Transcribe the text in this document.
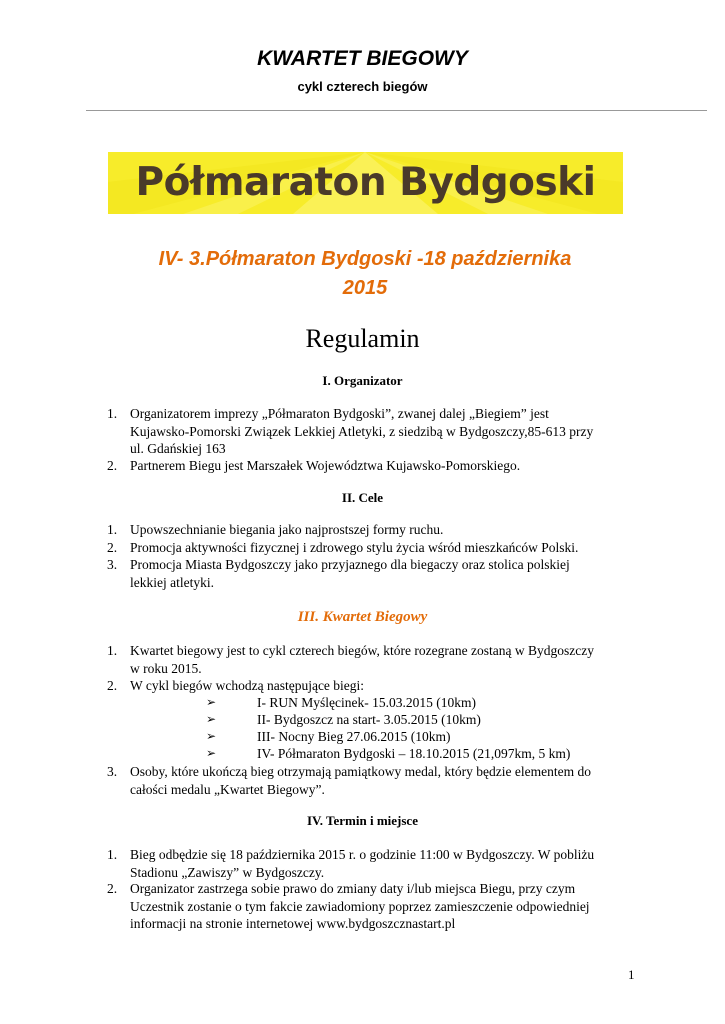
KWARTET BIEGOWY
cykl czterech biegów
Półmaraton Bydgoski
IV- 3.Półmaraton Bydgoski -18 października
2015
Regulamin
I. Organizator
1. Organizatorem imprezy „Półmaraton Bydgoski”, zwanej dalej „Biegiem” jest
Kujawsko-Pomorski Związek Lekkiej Atletyki, z siedzibą w Bydgoszczy,85-613 przy
ul. Gdańskiej 163
2. Partnerem Biegu jest Marszałek Województwa Kujawsko-Pomorskiego.
II. Cele
1. Upowszechnianie biegania jako najprostszej formy ruchu.
2. Promocja aktywności fizycznej i zdrowego stylu życia wśród mieszkańców Polski.
3. Promocja Miasta Bydgoszczy jako przyjaznego dla biegaczy oraz stolica polskiej
lekkiej atletyki.
III. Kwartet Biegowy
1. Kwartet biegowy jest to cykl czterech biegów, które rozegrane zostaną w Bydgoszczy
w roku 2015.
2. W cykl biegów wchodzą następujące biegi:
➢	I- RUN Myślęcinek- 15.03.2015 (10km)
➢	II- Bydgoszcz na start- 3.05.2015 (10km)
➢	III- Nocny Bieg 27.06.2015 (10km)
➢	IV- Półmaraton Bydgoski – 18.10.2015 (21,097km, 5 km)
3. Osoby, które ukończą bieg otrzymają pamiątkowy medal, który będzie elementem do
całości medalu „Kwartet Biegowy”.
IV. Termin i miejsce
1. Bieg odbędzie się 18 października 2015 r. o godzinie 11:00 w Bydgoszczy. W pobliżu
Stadionu „Zawiszy” w Bydgoszczy.
2. Organizator zastrzega sobie prawo do zmiany daty i/lub miejsca Biegu, przy czym
Uczestnik zostanie o tym fakcie zawiadomiony poprzez zamieszczenie odpowiedniej
informacji na stronie internetowej www.bydgoszcznastart.pl
1
